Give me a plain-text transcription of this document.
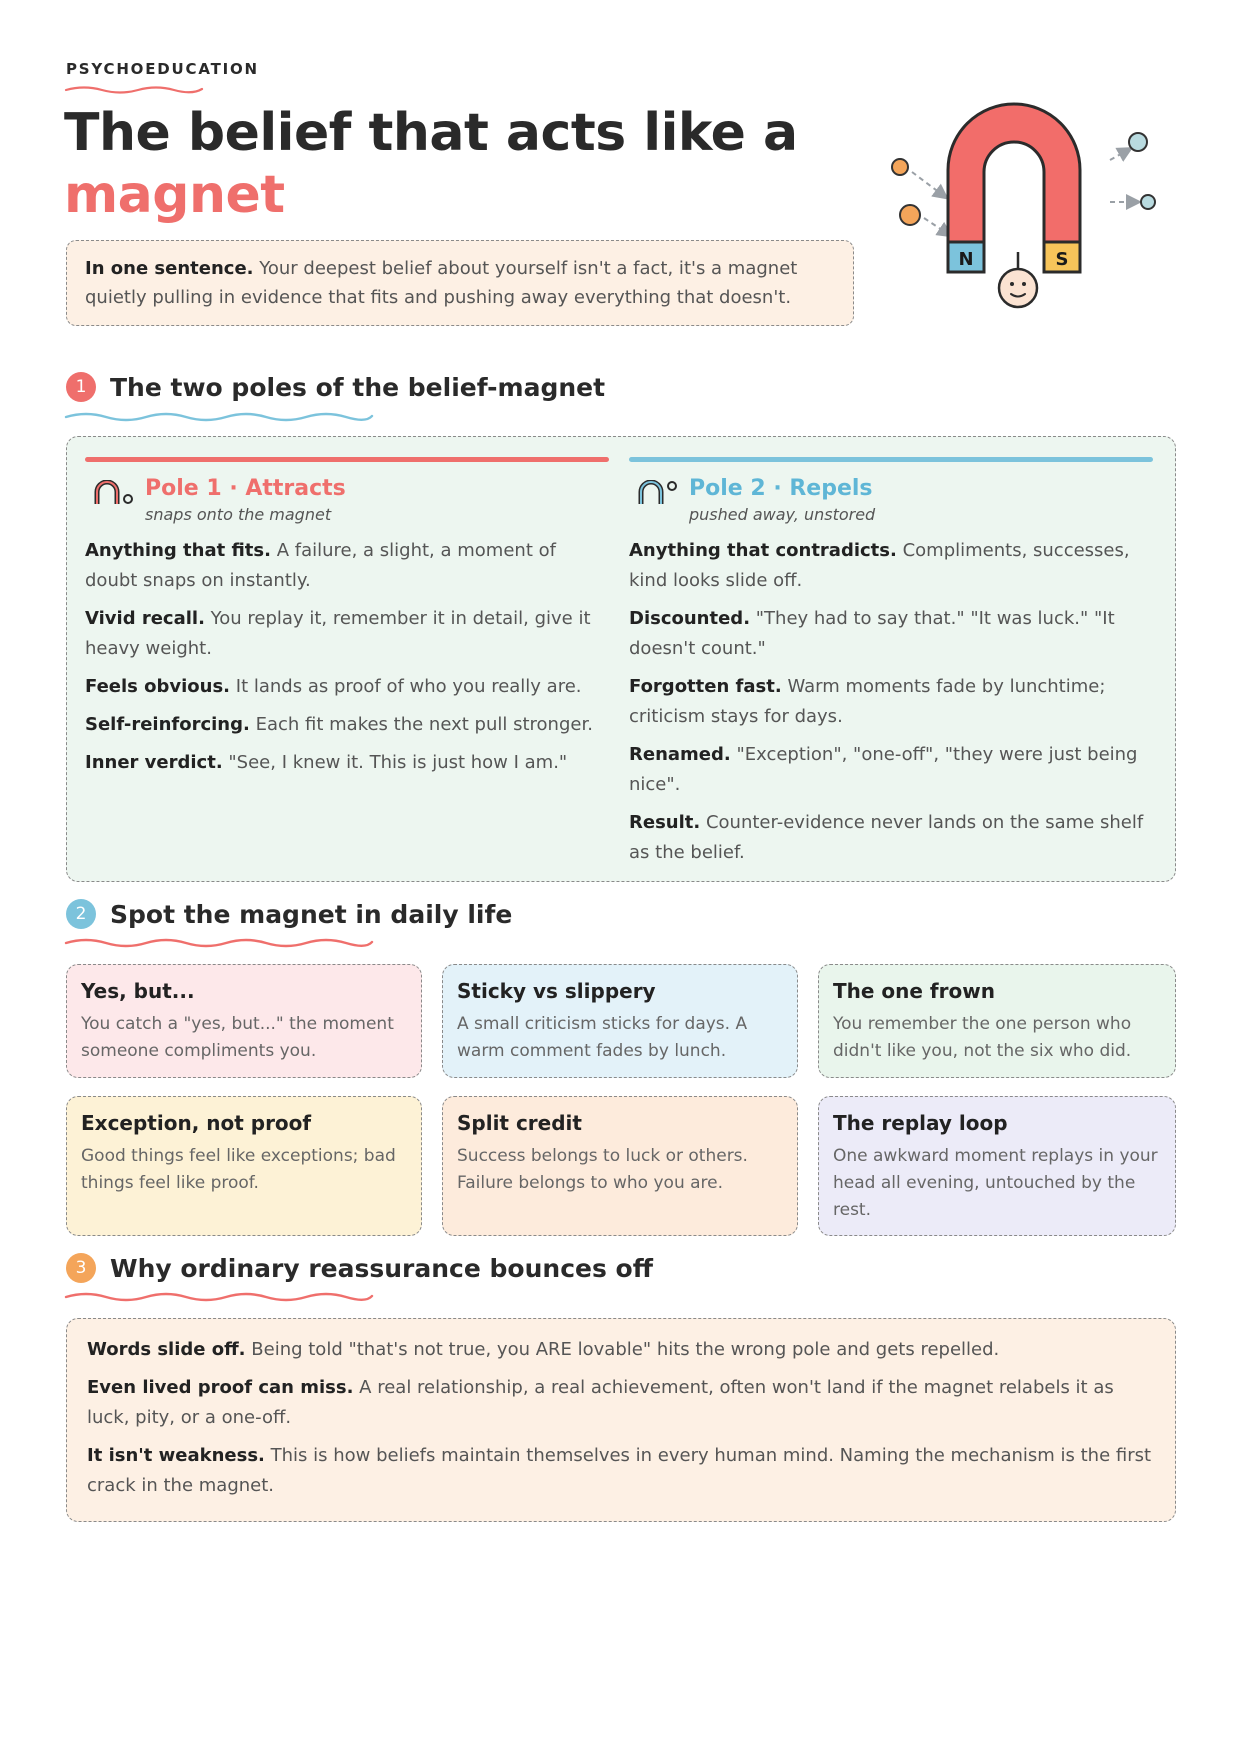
PSYCHOEDUCATION
The belief that acts like a
magnet
In one sentence. Your deepest belief about yourself isn't a fact, it's a magnet quietly pulling in evidence that fits and pushing away everything that doesn't.
N	S
1 The two poles of the belief-magnet
Pole 1 · Attracts
snaps onto the magnet
Anything that fits. A failure, a slight, a moment of doubt snaps on instantly.
Vivid recall. You replay it, remember it in detail, give it heavy weight.
Feels obvious. It lands as proof of who you really are.
Self-reinforcing. Each fit makes the next pull stronger.
Inner verdict. "See, I knew it. This is just how I am."
Pole 2 · Repels
pushed away, unstored
Anything that contradicts. Compliments, successes, kind looks slide off.
Discounted. "They had to say that." "It was luck." "It doesn't count."
Forgotten fast. Warm moments fade by lunchtime; criticism stays for days.
Renamed. "Exception", "one-off", "they were just being nice".
Result. Counter-evidence never lands on the same shelf as the belief.
2 Spot the magnet in daily life
Yes, but...
You catch a "yes, but..." the moment someone compliments you.
Sticky vs slippery
A small criticism sticks for days. A warm comment fades by lunch.
The one frown
You remember the one person who didn't like you, not the six who did.
Exception, not proof
Good things feel like exceptions; bad things feel like proof.
Split credit
Success belongs to luck or others. Failure belongs to who you are.
The replay loop
One awkward moment replays in your head all evening, untouched by the rest.
3 Why ordinary reassurance bounces off
Words slide off. Being told "that's not true, you ARE lovable" hits the wrong pole and gets repelled.
Even lived proof can miss. A real relationship, a real achievement, often won't land if the magnet relabels it as luck, pity, or a one-off.
It isn't weakness. This is how beliefs maintain themselves in every human mind. Naming the mechanism is the first crack in the magnet.
